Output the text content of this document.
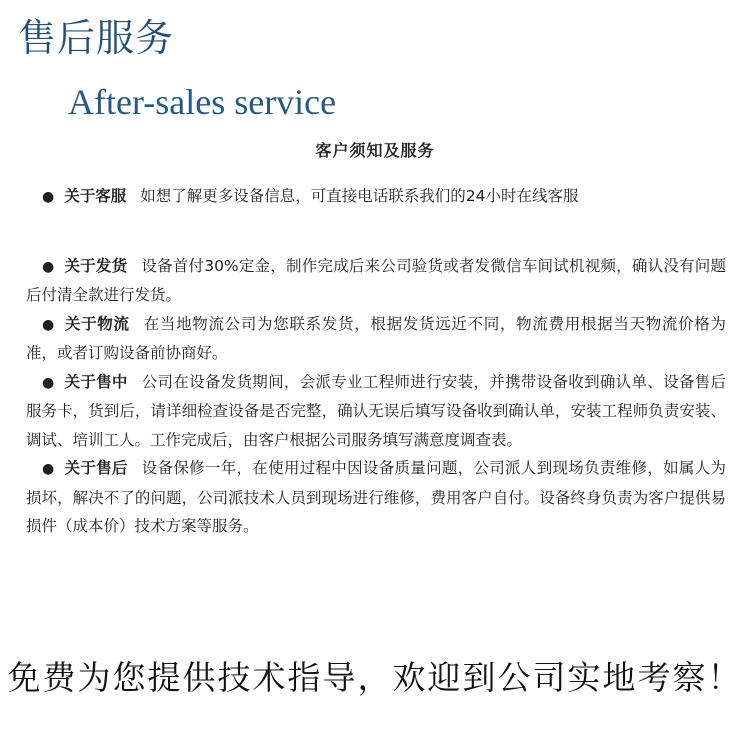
售后服务
After-sales service
客户须知及服务

● 关于客服 如想了解更多设备信息，可直接电话联系我们的24小时在线客服

● 关于发货 设备首付30%定金，制作完成后来公司验货或者发微信车间试机视频，确认没有问题后付清全款进行发货。

● 关于物流 在当地物流公司为您联系发货，根据发货远近不同，物流费用根据当天物流价格为准，或者订购设备前协商好。

● 关于售中 公司在设备发货期间，会派专业工程师进行安装，并携带设备收到确认单、设备售后服务卡，货到后，请详细检查设备是否完整，确认无误后填写设备收到确认单，安装工程师负责安装、调试、培训工人。工作完成后，由客户根据公司服务填写满意度调查表。

● 关于售后 设备保修一年，在使用过程中因设备质量问题，公司派人到现场负责维修，如属人为损坏，解决不了的问题，公司派技术人员到现场进行维修，费用客户自付。设备终身负责为客户提供易损件（成本价）技术方案等服务。

免费为您提供技术指导，欢迎到公司实地考察！
